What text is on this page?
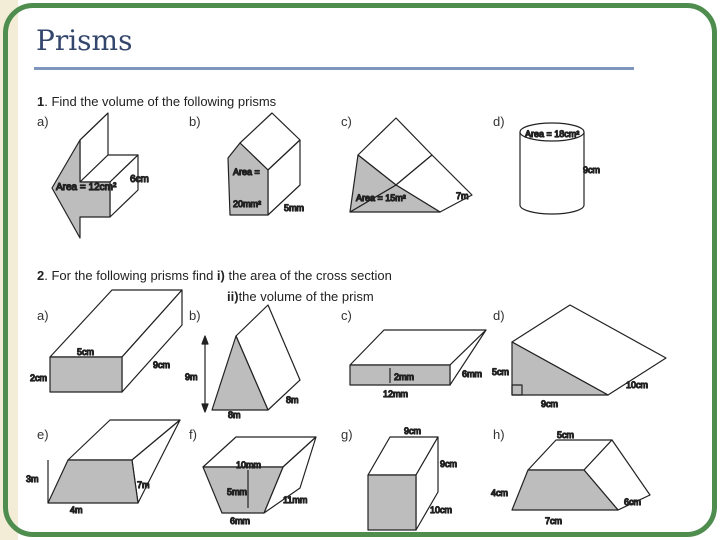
Prisms
1. Find the volume of the following prisms
2. For the following prisms find i) the area of the cross section
ii)the volume of the prism
a)	b)	c)	d)
a)	b)	c)	d)
e)	f)	g)	h)
Area = 12cm²
6cm
Area =
20mm²	5mm
Area = 15m²	7m
Area = 18cm²
9cm
5cm
2cm
9cm
9m
8m
8m
2mm
12mm
6mm 5cm
9cm
10cm
3m
4m
7m
10mm
5mm
6mm
11mm
9cm
9cm
10cm
5cm
4cm
7cm
6cm
